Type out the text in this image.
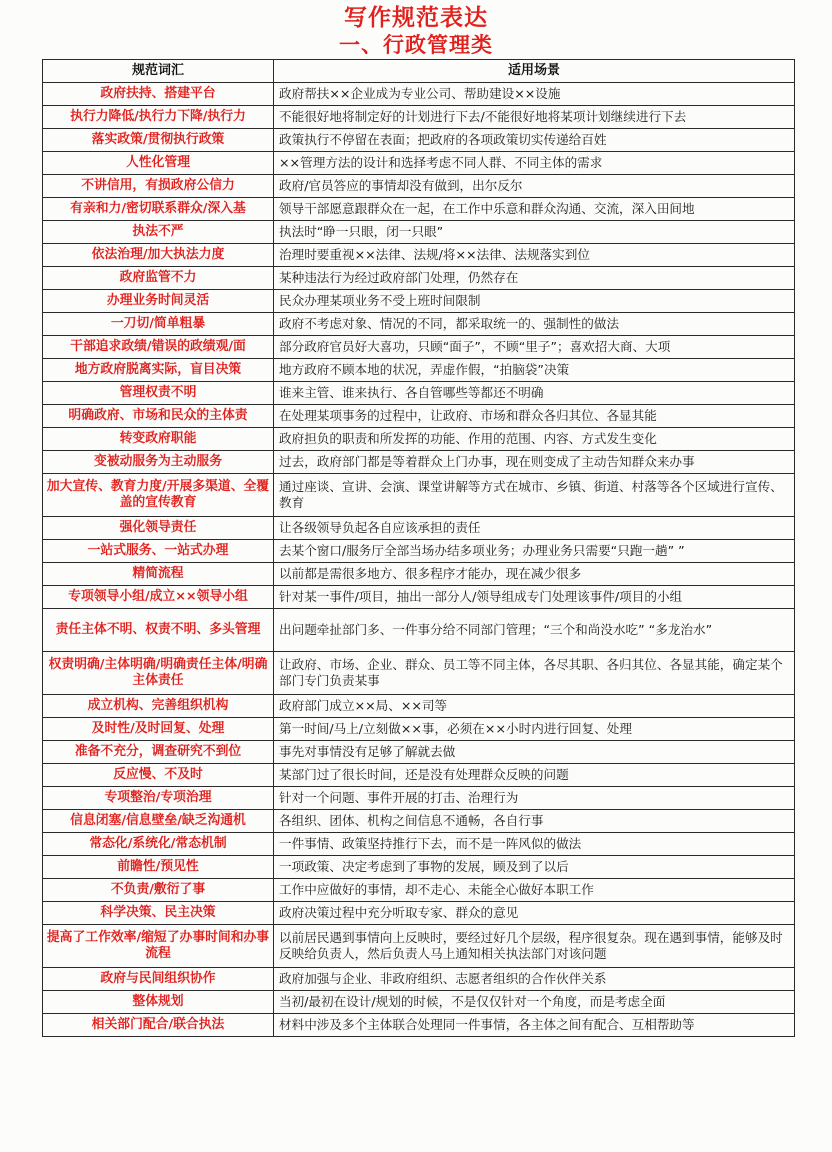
写作规范表达
一、行政管理类
规范词汇	适用场景
政府扶持、搭建平台	政府帮扶××企业成为专业公司、帮助建设××设施
执行力降低/执行力下降/执行力	不能很好地将制定好的计划进行下去/不能很好地将某项计划继续进行下去
落实政策/贯彻执行政策	政策执行不停留在表面；把政府的各项政策切实传递给百姓
人性化管理	××管理方法的设计和选择考虑不同人群、不同主体的需求
不讲信用，有损政府公信力	政府/官员答应的事情却没有做到，出尔反尔
有亲和力/密切联系群众/深入基	领导干部愿意跟群众在一起，在工作中乐意和群众沟通、交流，深入田间地
执法不严	执法时“睁一只眼，闭一只眼”
依法治理/加大执法力度	治理时要重视××法律、法规/将××法律、法规落实到位
政府监管不力	某种违法行为经过政府部门处理，仍然存在
办理业务时间灵活	民众办理某项业务不受上班时间限制
一刀切/简单粗暴	政府不考虑对象、情况的不同，都采取统一的、强制性的做法
干部追求政绩/错误的政绩观/面	部分政府官员好大喜功，只顾“面子”，不顾“里子”；喜欢招大商、大项
地方政府脱离实际，盲目决策	地方政府不顾本地的状况，弄虚作假，“拍脑袋”决策
管理权责不明	谁来主管、谁来执行、各自管哪些等都还不明确
明确政府、市场和民众的主体责	在处理某项事务的过程中，让政府、市场和群众各归其位、各显其能
转变政府职能	政府担负的职责和所发挥的功能、作用的范围、内容、方式发生变化
变被动服务为主动服务	过去，政府部门都是等着群众上门办事，现在则变成了主动告知群众来办事
加大宣传、教育力度/开展多渠道、全覆盖的宣传教育	通过座谈、宣讲、会演、课堂讲解等方式在城市、乡镇、街道、村落等各个区域进行宣传、教育
强化领导责任	让各级领导负起各自应该承担的责任
一站式服务、一站式办理	去某个窗口/服务厅全部当场办结多项业务；办理业务只需要“只跑一趟” ”
精简流程	以前都是需很多地方、很多程序才能办，现在减少很多
专项领导小组/成立××领导小组	针对某一事件/项目，抽出一部分人/领导组成专门处理该事件/项目的小组
责任主体不明、权责不明、多头管理	出问题牵扯部门多、一件事分给不同部门管理；“三个和尚没水吃” “多龙治水”
权责明确/主体明确/明确责任主体/明确主体责任	让政府、市场、企业、群众、员工等不同主体，各尽其职、各归其位、各显其能，确定某个部门专门负责某事
成立机构、完善组织机构	政府部门成立××局、××司等
及时性/及时回复、处理	第一时间/马上/立刻做××事，必须在××小时内进行回复、处理
准备不充分，调查研究不到位	事先对事情没有足够了解就去做
反应慢、不及时	某部门过了很长时间，还是没有处理群众反映的问题
专项整治/专项治理	针对一个问题、事件开展的打击、治理行为
信息闭塞/信息壁垒/缺乏沟通机	各组织、团体、机构之间信息不通畅，各自行事
常态化/系统化/常态机制	一件事情、政策坚持推行下去，而不是一阵风似的做法
前瞻性/预见性	一项政策、决定考虑到了事物的发展，顾及到了以后
不负责/敷衍了事	工作中应做好的事情，却不走心、未能全心做好本职工作
科学决策、民主决策	政府决策过程中充分听取专家、群众的意见
提高了工作效率/缩短了办事时间和办事流程	以前居民遇到事情向上反映时，要经过好几个层级，程序很复杂。现在遇到事情，能够及时反映给负责人，然后负责人马上通知相关执法部门对该问题
政府与民间组织协作	政府加强与企业、非政府组织、志愿者组织的合作伙伴关系
整体规划	当初/最初在设计/规划的时候，不是仅仅针对一个角度，而是考虑全面
相关部门配合/联合执法	材料中涉及多个主体联合处理同一件事情，各主体之间有配合、互相帮助等
